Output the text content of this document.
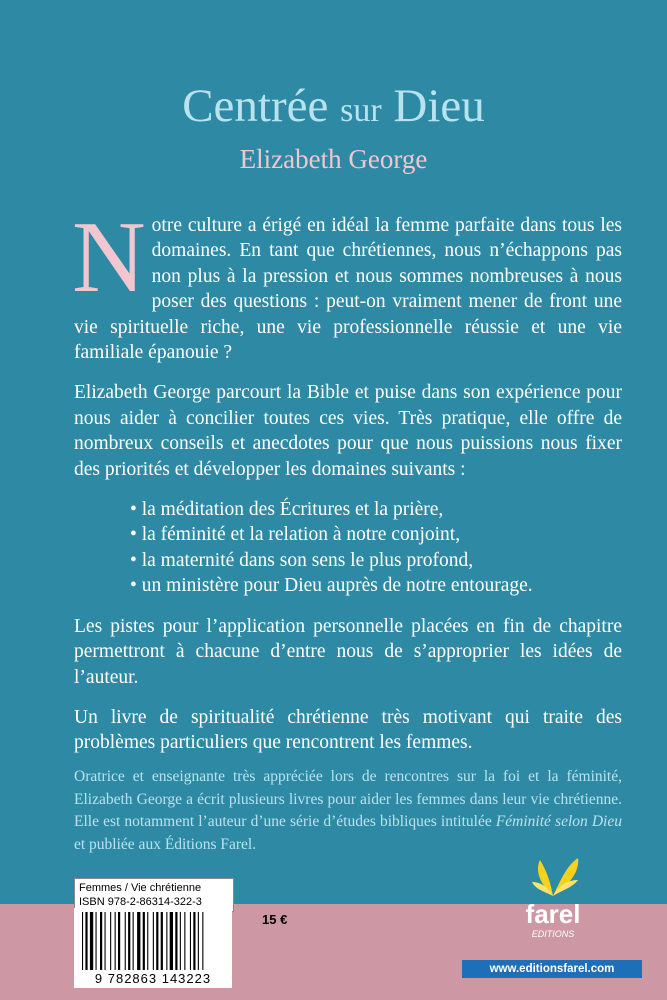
Centrée sur Dieu
Elizabeth George

Notre culture a érigé en idéal la femme parfaite dans tous les domaines. En tant que chrétiennes, nous n’échappons pas non plus à la pression et nous sommes nombreuses à nous poser des questions : peut-on vraiment mener de front une vie spirituelle riche, une vie professionnelle réussie et une vie familiale épanouie ?

Elizabeth George parcourt la Bible et puise dans son expérience pour nous aider à concilier toutes ces vies. Très pratique, elle offre de nombreux conseils et anecdotes pour que nous puissions nous fixer des priorités et développer les domaines suivants :

• la méditation des Écritures et la prière,
• la féminité et la relation à notre conjoint,
• la maternité dans son sens le plus profond,
• un ministère pour Dieu auprès de notre entourage.

Les pistes pour l’application personnelle placées en fin de chapitre permettront à chacune d’entre nous de s’approprier les idées de l’auteur.

Un livre de spiritualité chrétienne très motivant qui traite des problèmes particuliers que rencontrent les femmes.

Oratrice et enseignante très appréciée lors de rencontres sur la foi et la féminité, Elizabeth George a écrit plusieurs livres pour aider les femmes dans leur vie chrétienne. Elle est notamment l’auteur d’une série d’études bibliques intitulée Féminité selon Dieu et publiée aux Éditions Farel.
Femmes / Vie chrétienne
ISBN 978-2-86314-322-3
9 782863 143223
15 €	farel
EDITIONS
www.editionsfarel.com
